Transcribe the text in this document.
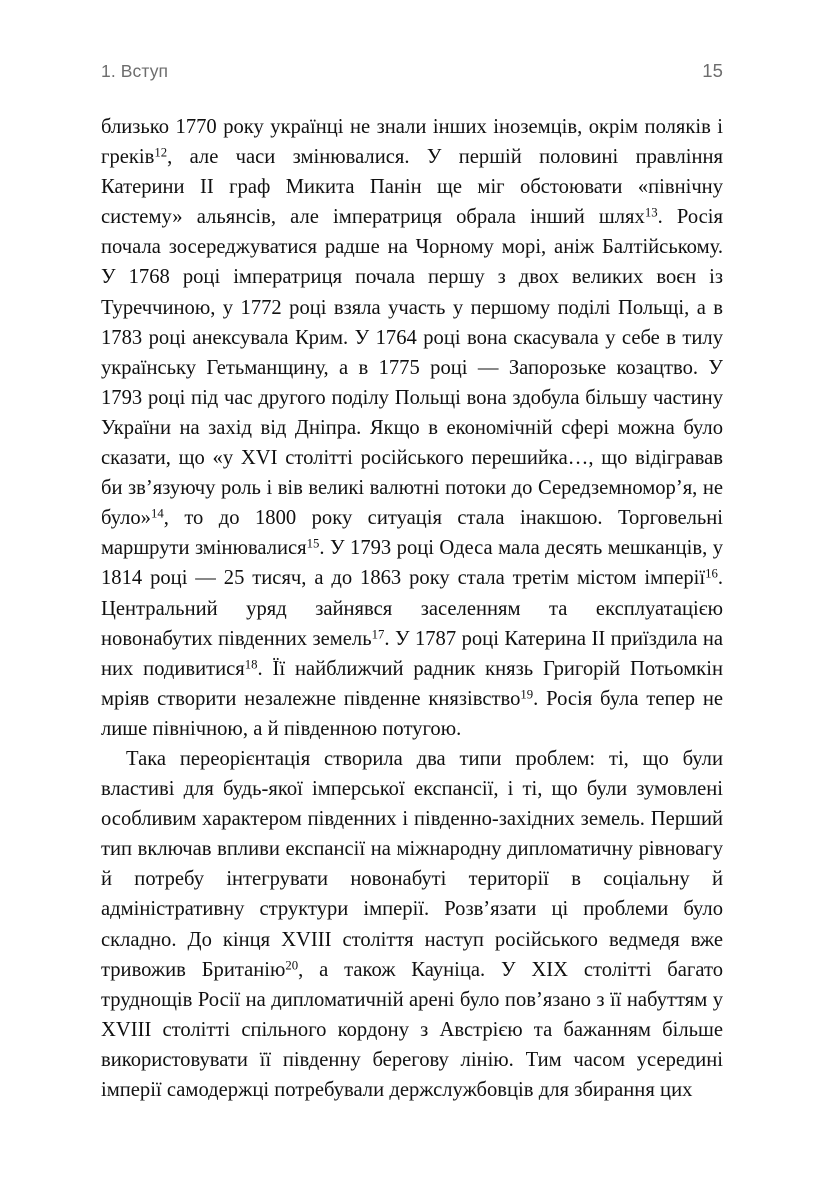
1. Вступ	15

близько 1770 року українці не знали інших іноземців, окрім поляків і греків$^{12}$, але часи змінювалися. У першій половині правління Катерини II граф Микита Панін ще міг обстоювати «північну систему» альянсів, але імператриця обрала інший шлях$^{13}$. Росія почала зосереджуватися радше на Чорному морі, аніж Балтійському. У 1768 році імператриця почала першу з двох великих воєн із Туреччиною, у 1772 році взяла участь у першому поділі Польщі, а в 1783 році анексувала Крим. У 1764 році вона скасувала у себе в тилу українську Гетьманщину, а в 1775 році — Запорозьке козацтво. У 1793 році під час другого поділу Польщі вона здобула більшу частину України на захід від Дніпра. Якщо в економічній сфері можна було сказати, що «у XVI столітті російського перешийка…, що відігравав би зв’язуючу роль і вів великі валютні потоки до Середземномор’я, не було»$^{14}$, то до 1800 року ситуація стала інакшою. Торговельні маршрути змінювалися$^{15}$. У 1793 році Одеса мала десять мешканців, у 1814 році — 25 тисяч, а до 1863 року стала третім містом імперії$^{16}$. Центральний уряд зайнявся заселенням та експлуатацією новонабутих південних земель$^{17}$. У 1787 році Катерина II приїздила на них подивитися$^{18}$. Її найближчий радник князь Григорій Потьомкін мріяв створити незалежне південне князівство$^{19}$. Росія була тепер не лише північною, а й південною потугою.

Така переорієнтація створила два типи проблем: ті, що були властиві для будь-якої імперської експансії, і ті, що були зумовлені особливим характером південних і південно-західних земель. Перший тип включав впливи експансії на міжнародну дипломатичну рівновагу й потребу інтегрувати новонабуті території в соціальну й адміністративну структури імперії. Розв’язати ці проблеми було складно. До кінця XVIII століття наступ російського ведмедя вже тривожив Британію$^{20}$, а також Кауніца. У XIX столітті багато труднощів Росії на дипломатичній арені було пов’язано з її набуттям у XVIII столітті спільного кордону з Австрією та бажанням більше використовувати її південну берегову лінію. Тим часом усередині імперії самодержці потребували держслужбовців для збирання цих
